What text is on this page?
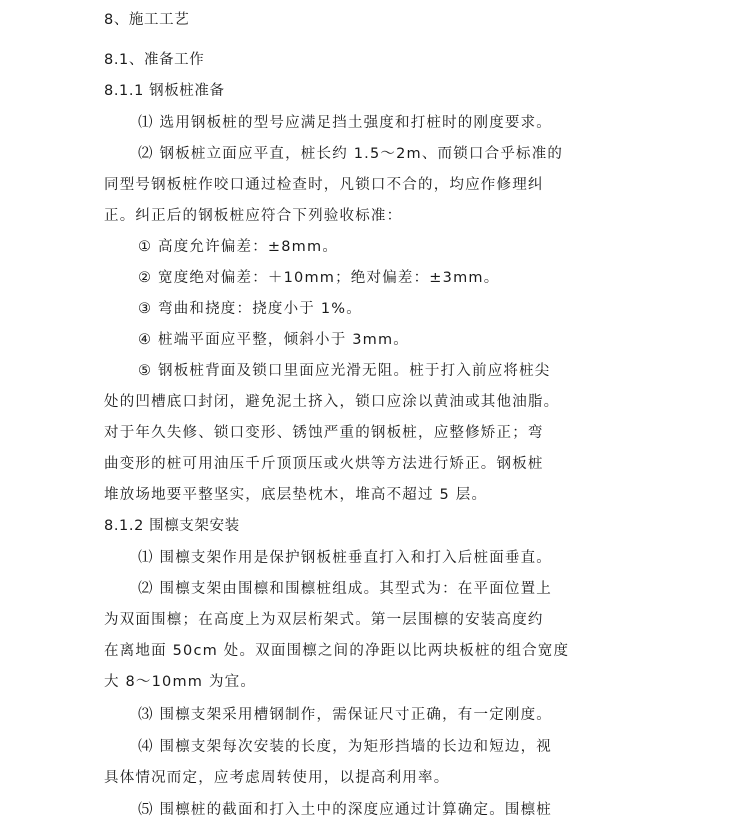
8、施工工艺
8.1、准备工作
8.1.1 钢板桩准备
⑴ 选用钢板桩的型号应满足挡土强度和打桩时的刚度要求。
⑵ 钢板桩立面应平直，桩长约 1.5～2m、而锁口合乎标准的
同型号钢板桩作咬口通过检查时，凡锁口不合的，均应作修理纠
正。纠正后的钢板桩应符合下列验收标准：
① 高度允许偏差：±8mm。
② 宽度绝对偏差：＋10mm；绝对偏差：±3mm。
③ 弯曲和挠度：挠度小于 1%。
④ 桩端平面应平整，倾斜小于 3mm。
⑤ 钢板桩背面及锁口里面应光滑无阻。桩于打入前应将桩尖
处的凹槽底口封闭，避免泥土挤入，锁口应涂以黄油或其他油脂。
对于年久失修、锁口变形、锈蚀严重的钢板桩，应整修矫正；弯
曲变形的桩可用油压千斤顶顶压或火烘等方法进行矫正。钢板桩
堆放场地要平整坚实，底层垫枕木，堆高不超过 5 层。
8.1.2 围檩支架安装
⑴ 围檩支架作用是保护钢板桩垂直打入和打入后桩面垂直。
⑵ 围檩支架由围檩和围檩桩组成。其型式为：在平面位置上
为双面围檩；在高度上为双层桁架式。第一层围檩的安装高度约
在离地面 50cm 处。双面围檩之间的净距以比两块板桩的组合宽度
大 8～10mm 为宜。
⑶ 围檩支架采用槽钢制作，需保证尺寸正确，有一定刚度。
⑷ 围檩支架每次安装的长度，为矩形挡墙的长边和短边，视
具体情况而定，应考虑周转使用，以提高利用率。
⑸ 围檩桩的截面和打入土中的深度应通过计算确定。围檩桩
